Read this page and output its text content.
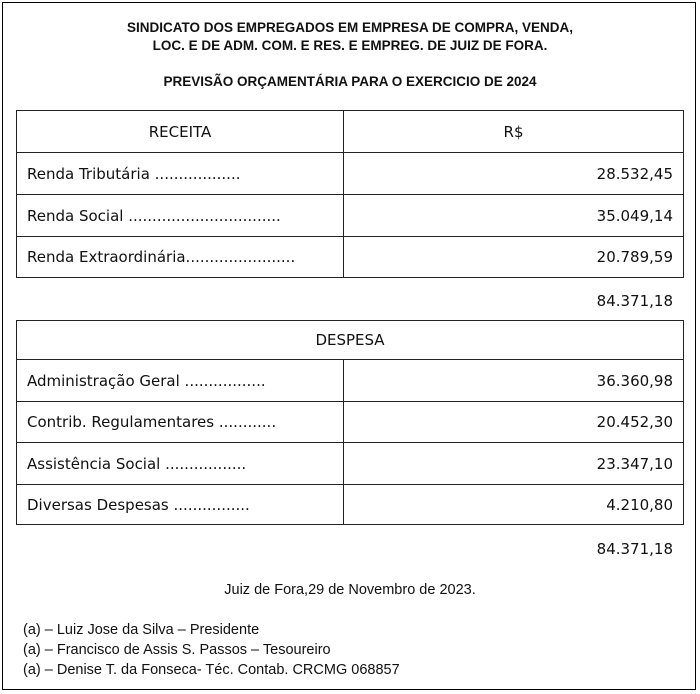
SINDICATO DOS EMPREGADOS EM EMPRESA DE COMPRA, VENDA,
LOC. E DE ADM. COM. E RES. E EMPREG. DE JUIZ DE FORA.
PREVISÃO ORÇAMENTÁRIA PARA O EXERCICIO DE 2024
RECEITA	R$
Renda Tributária ..................	28.532,45
Renda Social ................................	35.049,14
Renda Extraordinária.......................	20.789,59
84.371,18
DESPESA	
Administração Geral .................	36.360,98
Contrib. Regulamentares ............	20.452,30
Assistência Social .................	23.347,10
Diversas Despesas ................	4.210,80
84.371,18
Juiz de Fora,29 de Novembro de 2023.
(a) – Luiz Jose da Silva – Presidente
(a) – Francisco de Assis S. Passos – Tesoureiro
(a) – Denise T. da Fonseca- Téc. Contab. CRCMG 068857
